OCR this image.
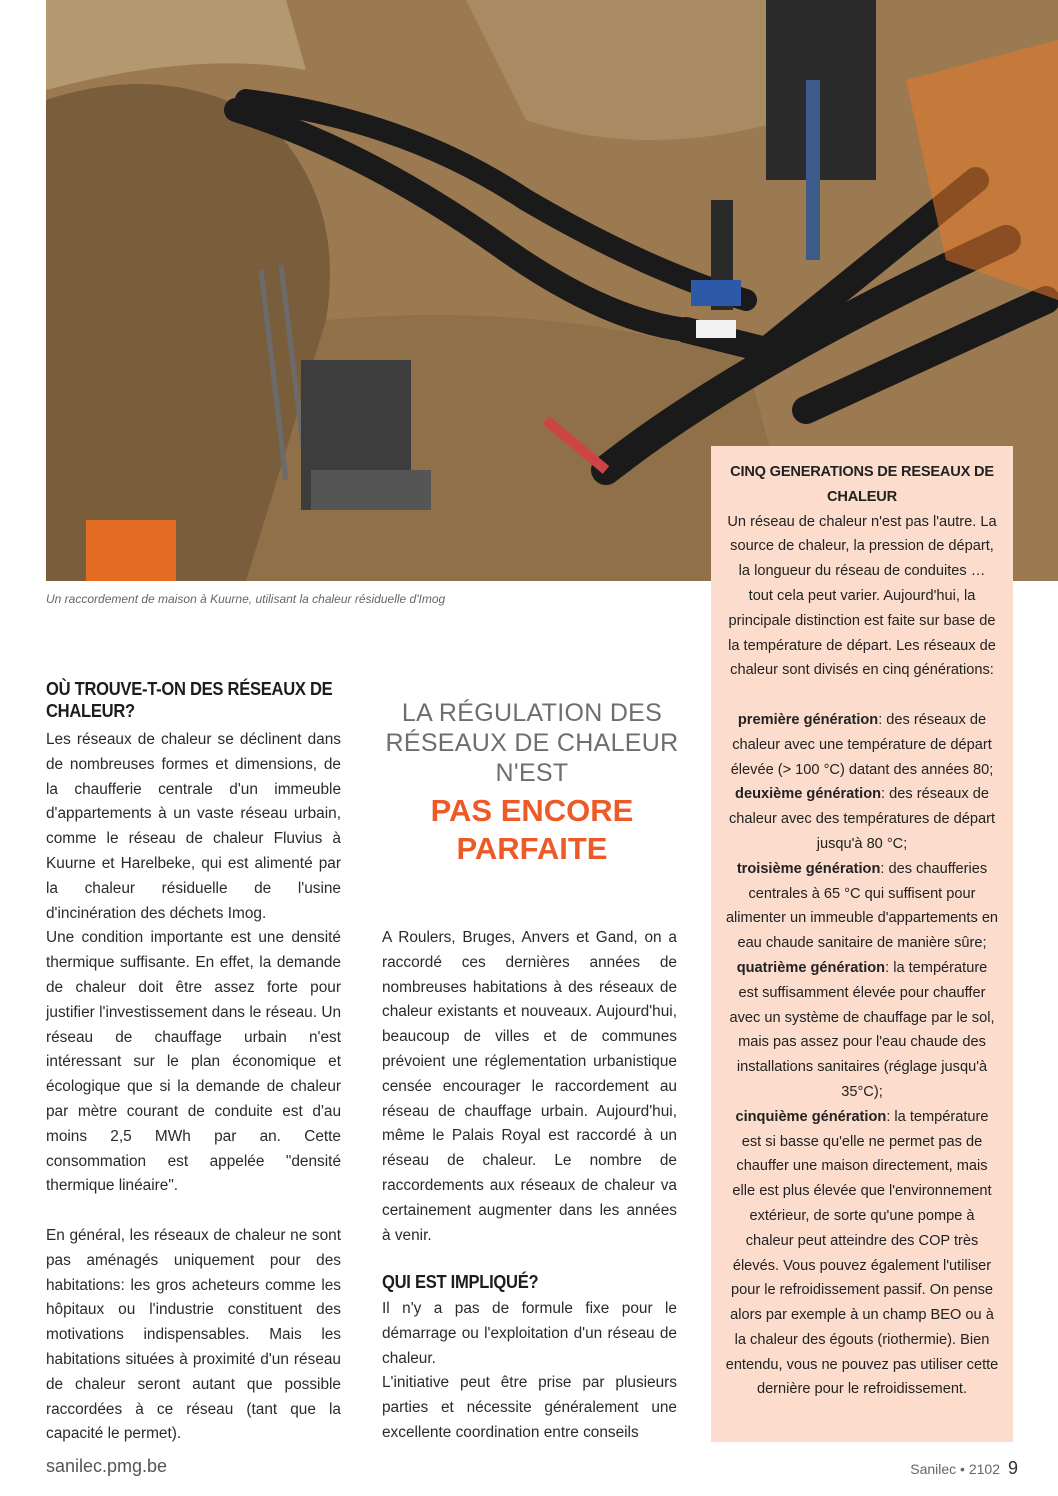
Un raccordement de maison à Kuurne, utilisant la chaleur résiduelle d'Imog
OÙ TROUVE-T-ON DES RÉSEAUX DE CHALEUR?

Les réseaux de chaleur se déclinent dans de nombreuses formes et dimensions, de la chaufferie centrale d'un immeuble d'appartements à un vaste réseau urbain, comme le réseau de chaleur Fluvius à Kuurne et Harelbeke, qui est alimenté par la chaleur résiduelle de l'usine d'incinération des déchets Imog.

Une condition importante est une densité thermique suffisante. En effet, la demande de chaleur doit être assez forte pour justifier l'investissement dans le réseau. Un réseau de chauffage urbain n'est intéressant sur le plan économique et écologique que si la demande de chaleur par mètre courant de conduite est d'au moins 2,5 MWh par an. Cette consommation est appelée "densité thermique linéaire".

En général, les réseaux de chaleur ne sont pas aménagés uniquement pour des habitations: les gros acheteurs comme les hôpitaux ou l'industrie constituent des motivations indispensables. Mais les habitations situées à proximité d'un réseau de chaleur seront autant que possible raccordées à ce réseau (tant que la capacité le permet).

LA RÉGULATION DES RÉSEAUX DE CHALEUR N'EST
PAS ENCORE PARFAITE

A Roulers, Bruges, Anvers et Gand, on a raccordé ces dernières années de nombreuses habitations à des réseaux de chaleur existants et nouveaux. Aujourd'hui, beaucoup de villes et de communes prévoient une réglementation urbanistique censée encourager le raccordement au réseau de chauffage urbain. Aujourd'hui, même le Palais Royal est raccordé à un réseau de chaleur. Le nombre de raccordements aux réseaux de chaleur va certainement augmenter dans les années à venir.

QUI EST IMPLIQUÉ?

Il n'y a pas de formule fixe pour le démarrage ou l'exploitation d'un réseau de chaleur.

L'initiative peut être prise par plusieurs parties et nécessite généralement une excellente coordination entre conseils

CINQ GENERATIONS DE RESEAUX DE CHALEUR

Un réseau de chaleur n'est pas l'autre. La source de chaleur, la pression de départ, la longueur du réseau de conduites … tout cela peut varier. Aujourd'hui, la principale distinction est faite sur base de la température de départ. Les réseaux de chaleur sont divisés en cinq générations:

première génération: des réseaux de chaleur avec une température de départ élevée (> 100 °C) datant des années 80;

deuxième génération: des réseaux de chaleur avec des températures de départ jusqu'à 80 °C;

troisième génération: des chaufferies centrales à 65 °C qui suffisent pour alimenter un immeuble d'appartements en eau chaude sanitaire de manière sûre;

quatrième génération: la température est suffisamment élevée pour chauffer avec un système de chauffage par le sol, mais pas assez pour l'eau chaude des installations sanitaires (réglage jusqu'à 35°C);

cinquième génération: la température est si basse qu'elle ne permet pas de chauffer une maison directement, mais elle est plus élevée que l'environnement extérieur, de sorte qu'une pompe à chaleur peut atteindre des COP très élevés. Vous pouvez également l'utiliser pour le refroidissement passif. On pense alors par exemple à un champ BEO ou à la chaleur des égouts (riothermie). Bien entendu, vous ne pouvez pas utiliser cette dernière pour le refroidissement.

sanilec.pmg.be	Sanilec • 2102 9
